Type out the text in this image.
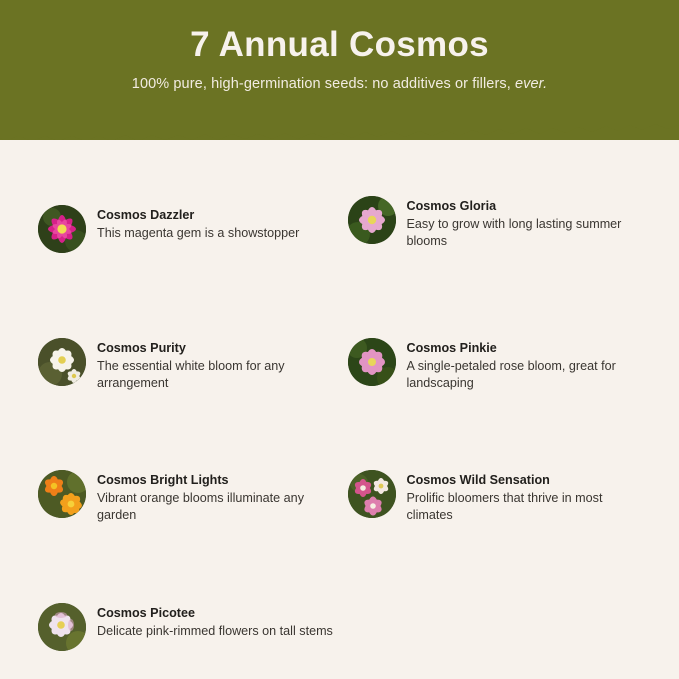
7 Annual Cosmos
100% pure, high-germination seeds: no additives or fillers, ever.
Cosmos Dazzler
This magenta gem is a showstopper
Cosmos Gloria
Easy to grow with long lasting summer blooms
Cosmos Purity
The essential white bloom for any arrangement
Cosmos Pinkie
A single-petaled rose bloom, great for landscaping
Cosmos Bright Lights
Vibrant orange blooms illuminate any garden
Cosmos Wild Sensation
Prolific bloomers that thrive in most climates
Cosmos Picotee
Delicate pink-rimmed flowers on tall stems
